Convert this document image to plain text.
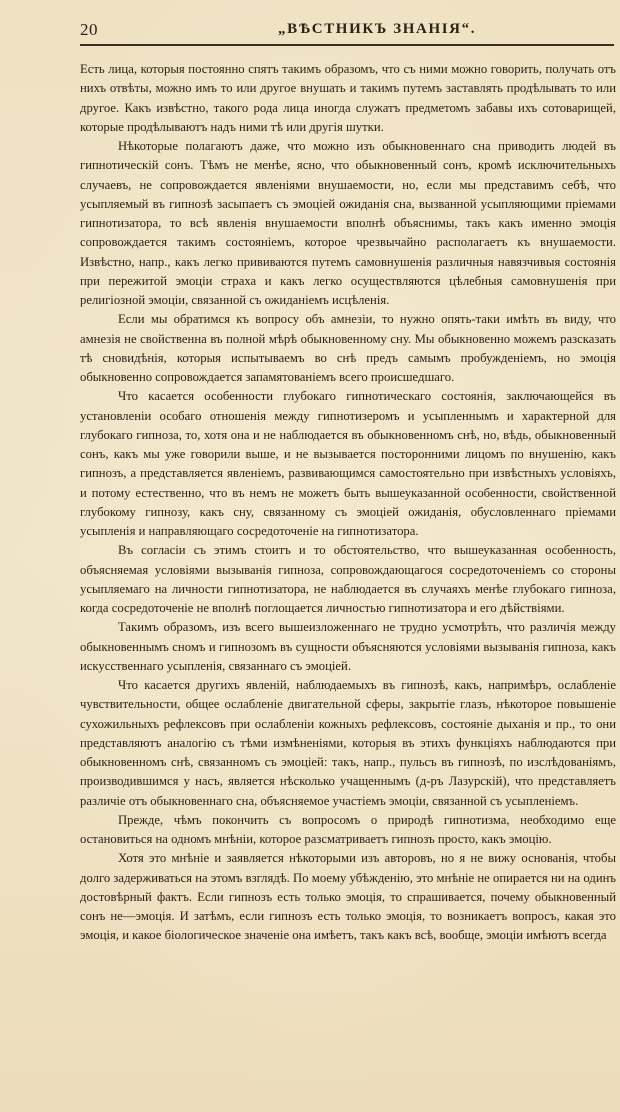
20	„ВѢСТНИКЪ ЗНАНІЯ“.

Есть лица, которыя постоянно спятъ такимъ образомъ, что съ ними можно говорить, получать отъ нихъ отвѣты, можно имъ то или другое внушать и такимъ путемъ заставлять продѣлывать то или другое. Какъ извѣстно, такого рода лица иногда служатъ предметомъ забавы ихъ сотоварищей, которые продѣлываютъ надъ ними тѣ или другія шутки.

Нѣкоторые полагаютъ даже, что можно изъ обыкновеннаго сна приводить людей въ гипнотическій сонъ. Тѣмъ не менѣе, ясно, что обыкновенный сонъ, кромѣ исключительныхъ случаевъ, не сопровождается явленіями внушаемости, но, если мы представимъ себѣ, что усыпляемый въ гипнозѣ засыпаетъ съ эмоціей ожиданія сна, вызванной усыпляющими пріемами гипнотизатора, то всѣ явленія внушаемости вполнѣ объяснимы, такъ какъ именно эмоція сопровождается такимъ состояніемъ, которое чрезвычайно располагаетъ къ внушаемости. Извѣстно, напр., какъ легко прививаются путемъ самовнушенія различныя навязчивыя состоянія при пережитой эмоціи страха и какъ легко осуществляются цѣлебныя самовнушенія при религіозной эмоціи, связанной съ ожиданіемъ исцѣленія.

Если мы обратимся къ вопросу объ амнезіи, то нужно опять-таки имѣть въ виду, что амнезія не свойственна въ полной мѣрѣ обыкновенному сну. Мы обыкновенно можемъ разсказать тѣ сновидѣнія, которыя испытываемъ во снѣ предъ самымъ пробужденіемъ, но эмоція обыкновенно сопровождается запамятованіемъ всего происшедшаго.

Что касается особенности глубокаго гипнотическаго состоянія, заключающейся въ установленіи особаго отношенія между гипнотизеромъ и усыпленнымъ и характерной для глубокаго гипноза, то, хотя она и не наблюдается въ обыкновенномъ снѣ, но, вѣдь, обыкновенный сонъ, какъ мы уже говорили выше, и не вызывается посторонними лицомъ по внушенію, какъ гипнозъ, а представляется явленіемъ, развивающимся самостоятельно при извѣстныхъ условіяхъ, и потому естественно, что въ немъ не можетъ быть вышеуказанной особенности, свойственной глубокому гипнозу, какъ сну, связанному съ эмоціей ожиданія, обусловленнаго пріемами усыпленія и направляющаго сосредоточеніе на гипнотизатора.

Въ согласіи съ этимъ стоитъ и то обстоятельство, что вышеуказанная особенность, объясняемая условіями вызыванія гипноза, сопровождающагося сосредоточеніемъ со стороны усыпляемаго на личности гипнотизатора, не наблюдается въ случаяхъ менѣе глубокаго гипноза, когда сосредоточеніе не вполнѣ поглощается личностью гипнотизатора и его дѣйствіями.

Такимъ образомъ, изъ всего вышеизложеннаго не трудно усмотрѣть, что различія между обыкновеннымъ сномъ и гипнозомъ въ сущности объясняются условіями вызыванія гипноза, какъ искусственнаго усыпленія, связаннаго съ эмоціей.

Что касается другихъ явленій, наблюдаемыхъ въ гипнозѣ, какъ, напримѣръ, ослабленіе чувствительности, общее ослабленіе двигательной сферы, закрытіе глазъ, нѣкоторое повышеніе сухожильныхъ рефлексовъ при ослабленіи кожныхъ рефлексовъ, состояніе дыханія и пр., то они представляютъ аналогію съ тѣми измѣненіями, которыя въ этихъ функціяхъ наблюдаются при обыкновенномъ снѣ, связанномъ съ эмоціей: такъ, напр., пульсъ въ гипнозѣ, по изслѣдованіямъ, производившимся у насъ, является нѣсколько учащеннымъ (д-ръ Лазурскій), что представляетъ различіе отъ обыкновеннаго сна, объясняемое участіемъ эмоціи, связанной съ усыпленіемъ.

Прежде, чѣмъ покончить съ вопросомъ о природѣ гипнотизма, необходимо еще остановиться на одномъ мнѣніи, которое разсматриваетъ гипнозъ просто, какъ эмоцію.

Хотя это мнѣніе и заявляется нѣкоторыми изъ авторовъ, но я не вижу основанія, чтобы долго задерживаться на этомъ взглядѣ. По моему убѣжденію, это мнѣніе не опирается ни на одинъ достовѣрный фактъ. Если гипнозъ есть только эмоція, то спрашивается, почему обыкновенный сонъ не—эмоція. И затѣмъ, если гипнозъ есть только эмоція, то возникаетъ вопросъ, какая это эмоція, и какое біологическое значеніе она имѣетъ, такъ какъ всѣ, вообще, эмоціи имѣютъ всегда
